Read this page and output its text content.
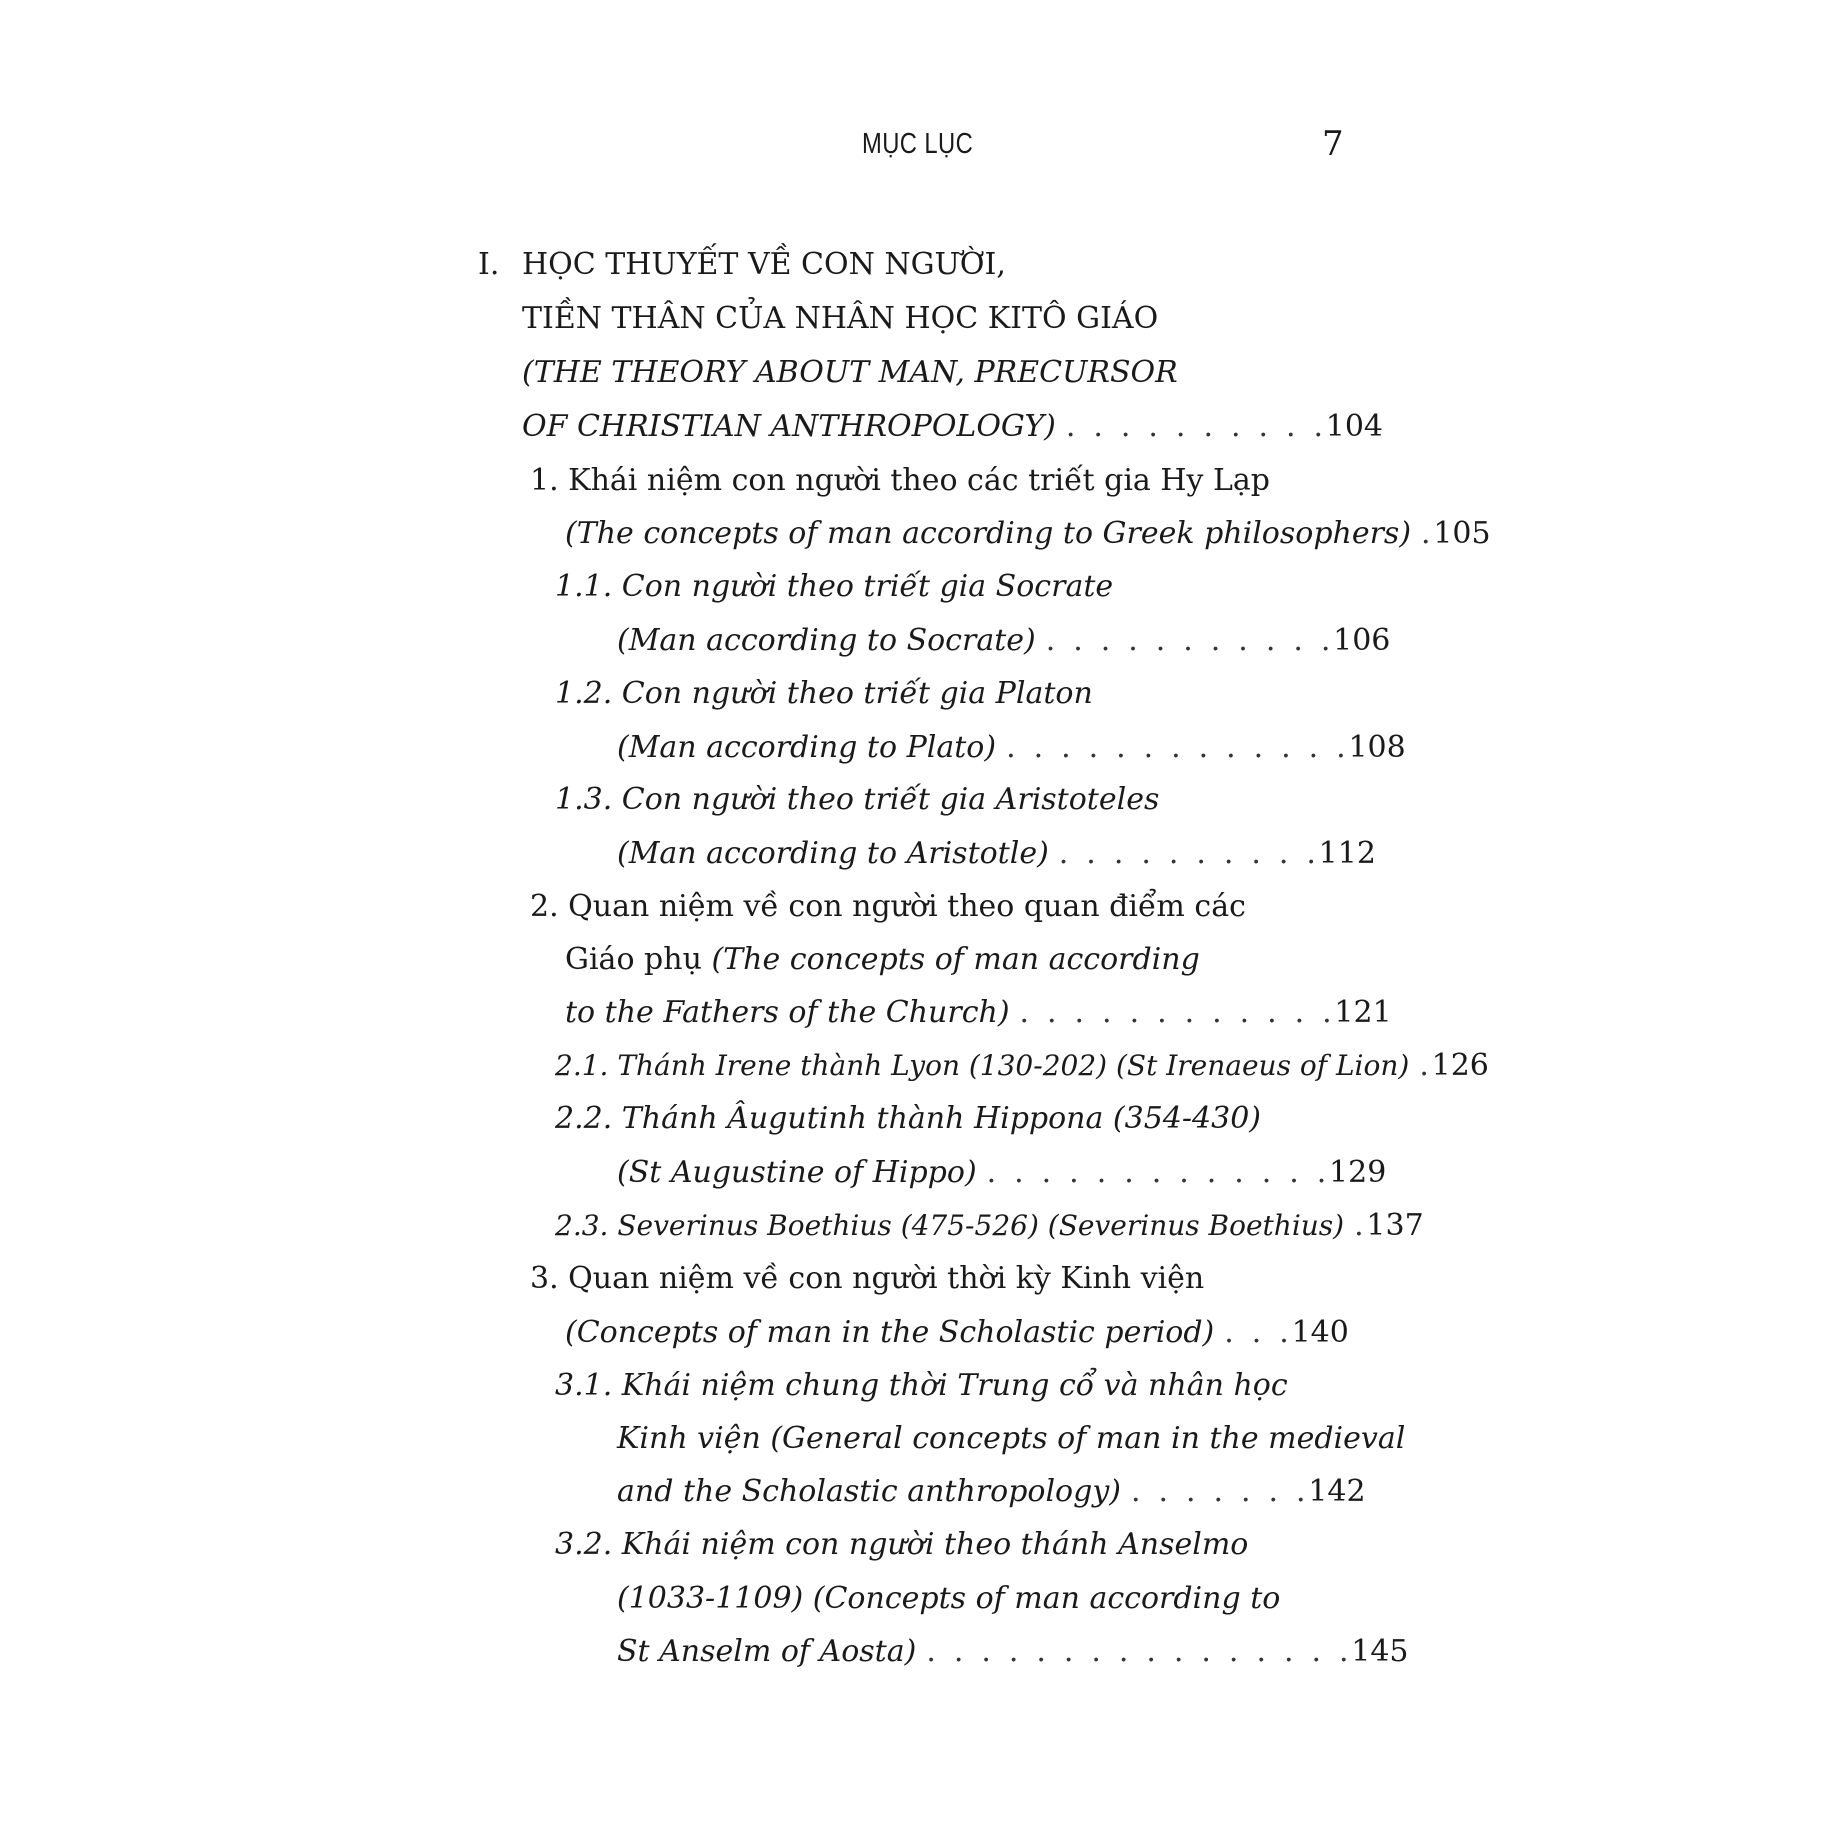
MỤC LỤC	7
I. HỌC THUYẾT VỀ CON NGƯỜI,
TIỀN THÂN CỦA NHÂN HỌC KITÔ GIÁO
(THE THEORY ABOUT MAN, PRECURSOR
OF CHRISTIAN ANTHROPOLOGY) .   .   .   .   .   .   .   .   .   . 104
1. Khái niệm con người theo các triết gia Hy Lạp
(The concepts of man according to Greek philosophers) . 105
1.1. Con người theo triết gia Socrate
(Man according to Socrate) .   .   .   .   .   .   .   .   .   .   . 106
1.2. Con người theo triết gia Platon
(Man according to Plato) .   .   .   .   .   .   .   .   .   .   .   .   . 108
1.3. Con người theo triết gia Aristoteles
(Man according to Aristotle) .   .   .   .   .   .   .   .   .   . 112
2. Quan niệm về con người theo quan điểm các
Giáo phụ
(The concepts of man according
to the Fathers of the Church) .   .   .   .   .   .   .   .   .   .   .   . 121
2.1. Thánh Irene thành Lyon (130-202) (St Irenaeus of Lion) . 126
2.2. Thánh Âugutinh thành Hippona (354-430)
(St Augustine of Hippo) .   .   .   .   .   .   .   .   .   .   .   .   . 129
2.3. Severinus Boethius (475-526) (Severinus Boethius) . 137
3. Quan niệm về con người thời kỳ Kinh viện
(Concepts of man in the Scholastic period) .   .   . 140
3.1. Khái niệm chung thời Trung cổ và nhân học
Kinh viện (General concepts of man in the medieval
and the Scholastic anthropology) .   .   .   .   .   .   . 142
3.2. Khái niệm con người theo thánh Anselmo
(1033-1109) (Concepts of man according to
St Anselm of Aosta) .   .   .   .   .   .   .   .   .   .   .   .   .   .   .   . 145
